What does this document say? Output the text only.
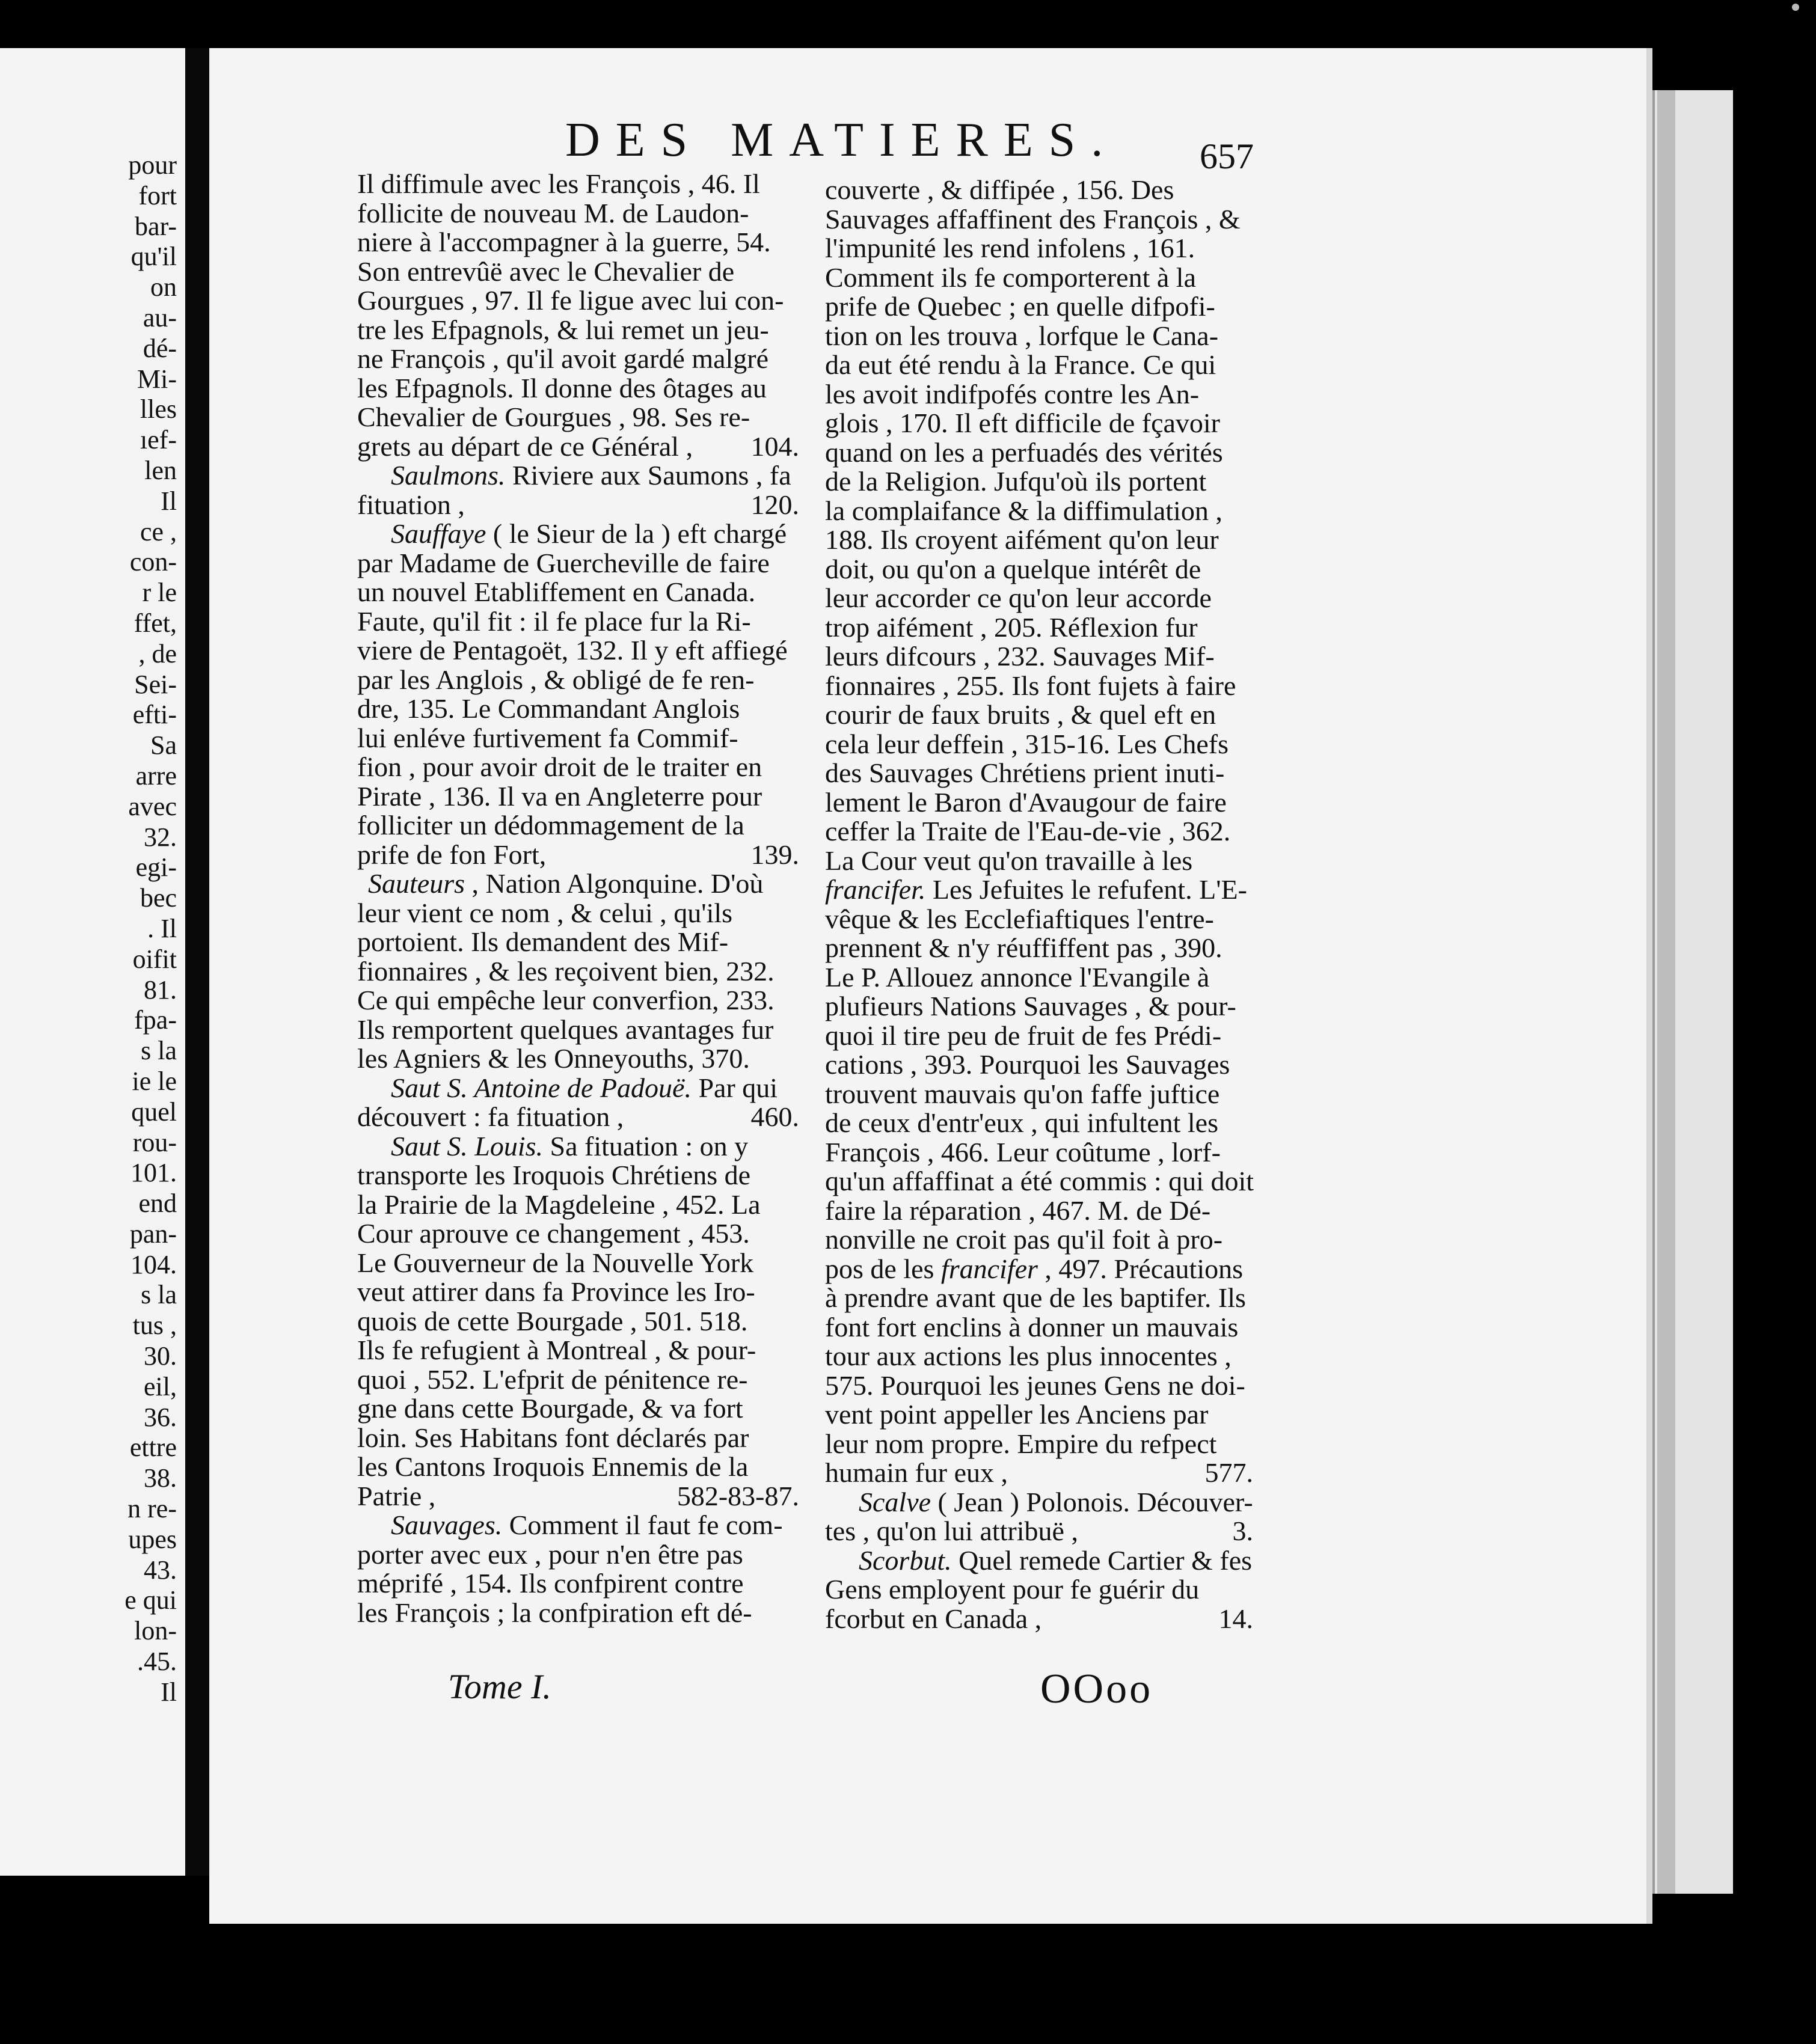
pour
fort
bar-
qu'il
on
au-
dé-
Mi-
lles
ıef-
len
Il
ce ,
con-
r le
ffet,
, de
Sei-
efti-
Sa
arre
avec
32.
egi-
bec
. Il
oifit
81.
fpa-
s la
ie le
quel
rou-
101.
end
pan-
104.
s la
tus ,
30.
eil,
36.
ettre
38.
n re-
upes
43.
e qui
lon-
.45.
Il
DES MATIERES. 657
Il diffimule avec les François , 46. Il
follicite de nouveau M. de Laudon-
niere à l'accompagner à la guerre, 54.
Son entrevûë avec le Chevalier de
Gourgues , 97. Il fe ligue avec lui con-
tre les Efpagnols, & lui remet un jeu-
ne François , qu'il avoit gardé malgré
les Efpagnols. Il donne des ôtages au
Chevalier de Gourgues , 98. Ses re-
grets au départ de ce Général , 104.
Saulmons. Riviere aux Saumons , fa
fituation ,	120.
Sauffaye ( le Sieur de la ) eft chargé
par Madame de Guercheville de faire
un nouvel Etabliffement en Canada.
Faute, qu'il fit : il fe place fur la Ri-
viere de Pentagoët, 132. Il y eft affiegé
par les Anglois , & obligé de fe ren-
dre, 135. Le Commandant Anglois
lui enléve furtivement fa Commif-
fion , pour avoir droit de le traiter en
Pirate , 136. Il va en Angleterre pour
folliciter un dédommagement de la
prife de fon Fort,	139.
Sauteurs , Nation Algonquine. D'où
leur vient ce nom , & celui , qu'ils
portoient. Ils demandent des Mif-
fionnaires , & les reçoivent bien, 232.
Ce qui empêche leur converfion, 233.
Ils remportent quelques avantages fur
les Agniers & les Onneyouths, 370.
Saut S. Antoine de Padouë. Par qui
découvert : fa fituation ,	460.
Saut S. Louis. Sa fituation : on y
transporte les Iroquois Chrétiens de
la Prairie de la Magdeleine , 452. La
Cour aprouve ce changement , 453.
Le Gouverneur de la Nouvelle York
veut attirer dans fa Province les Iro-
quois de cette Bourgade , 501. 518.
Ils fe refugient à Montreal , & pour-
quoi , 552. L'efprit de pénitence re-
gne dans cette Bourgade, & va fort
loin. Ses Habitans font déclarés par
les Cantons Iroquois Ennemis de la
Patrie ,	582-83-87.
Sauvages. Comment il faut fe com-
porter avec eux , pour n'en être pas
méprifé , 154. Ils confpirent contre
les François ; la confpiration eft dé-
couverte , & diffipée , 156. Des
Sauvages affaffinent des François , &
l'impunité les rend infolens , 161.
Comment ils fe comporterent à la
prife de Quebec ; en quelle difpofi-
tion on les trouva , lorfque le Cana-
da eut été rendu à la France. Ce qui
les avoit indifpofés contre les An-
glois , 170. Il eft difficile de fçavoir
quand on les a perfuadés des vérités
de la Religion. Jufqu'où ils portent
la complaifance & la diffimulation ,
188. Ils croyent aifément qu'on leur
doit, ou qu'on a quelque intérêt de
leur accorder ce qu'on leur accorde
trop aifément , 205. Réflexion fur
leurs difcours , 232. Sauvages Mif-
fionnaires , 255. Ils font fujets à faire
courir de faux bruits , & quel eft en
cela leur deffein , 315-16. Les Chefs
des Sauvages Chrétiens prient inuti-
lement le Baron d'Avaugour de faire
ceffer la Traite de l'Eau-de-vie , 362.
La Cour veut qu'on travaille à les
francifer. Les Jefuites le refufent. L'E-
vêque & les Ecclefiaftiques l'entre-
prennent & n'y réuffiffent pas , 390.
Le P. Allouez annonce l'Evangile à
plufieurs Nations Sauvages , & pour-
quoi il tire peu de fruit de fes Prédi-
cations , 393. Pourquoi les Sauvages
trouvent mauvais qu'on faffe juftice
de ceux d'entr'eux , qui infultent les
François , 466. Leur coûtume , lorf-
qu'un affaffinat a été commis : qui doit
faire la réparation , 467. M. de Dé-
nonville ne croit pas qu'il foit à pro-
pos de les francifer , 497. Précautions
à prendre avant que de les baptifer. Ils
font fort enclins à donner un mauvais
tour aux actions les plus innocentes ,
575. Pourquoi les jeunes Gens ne doi-
vent point appeller les Anciens par
leur nom propre. Empire du refpect
humain fur eux ,	577.
Scalve ( Jean ) Polonois. Découver-
tes , qu'on lui attribuë ,	3.
Scorbut. Quel remede Cartier & fes
Gens employent pour fe guérir du
fcorbut en Canada ,	14.
Tome I.	OOoo
